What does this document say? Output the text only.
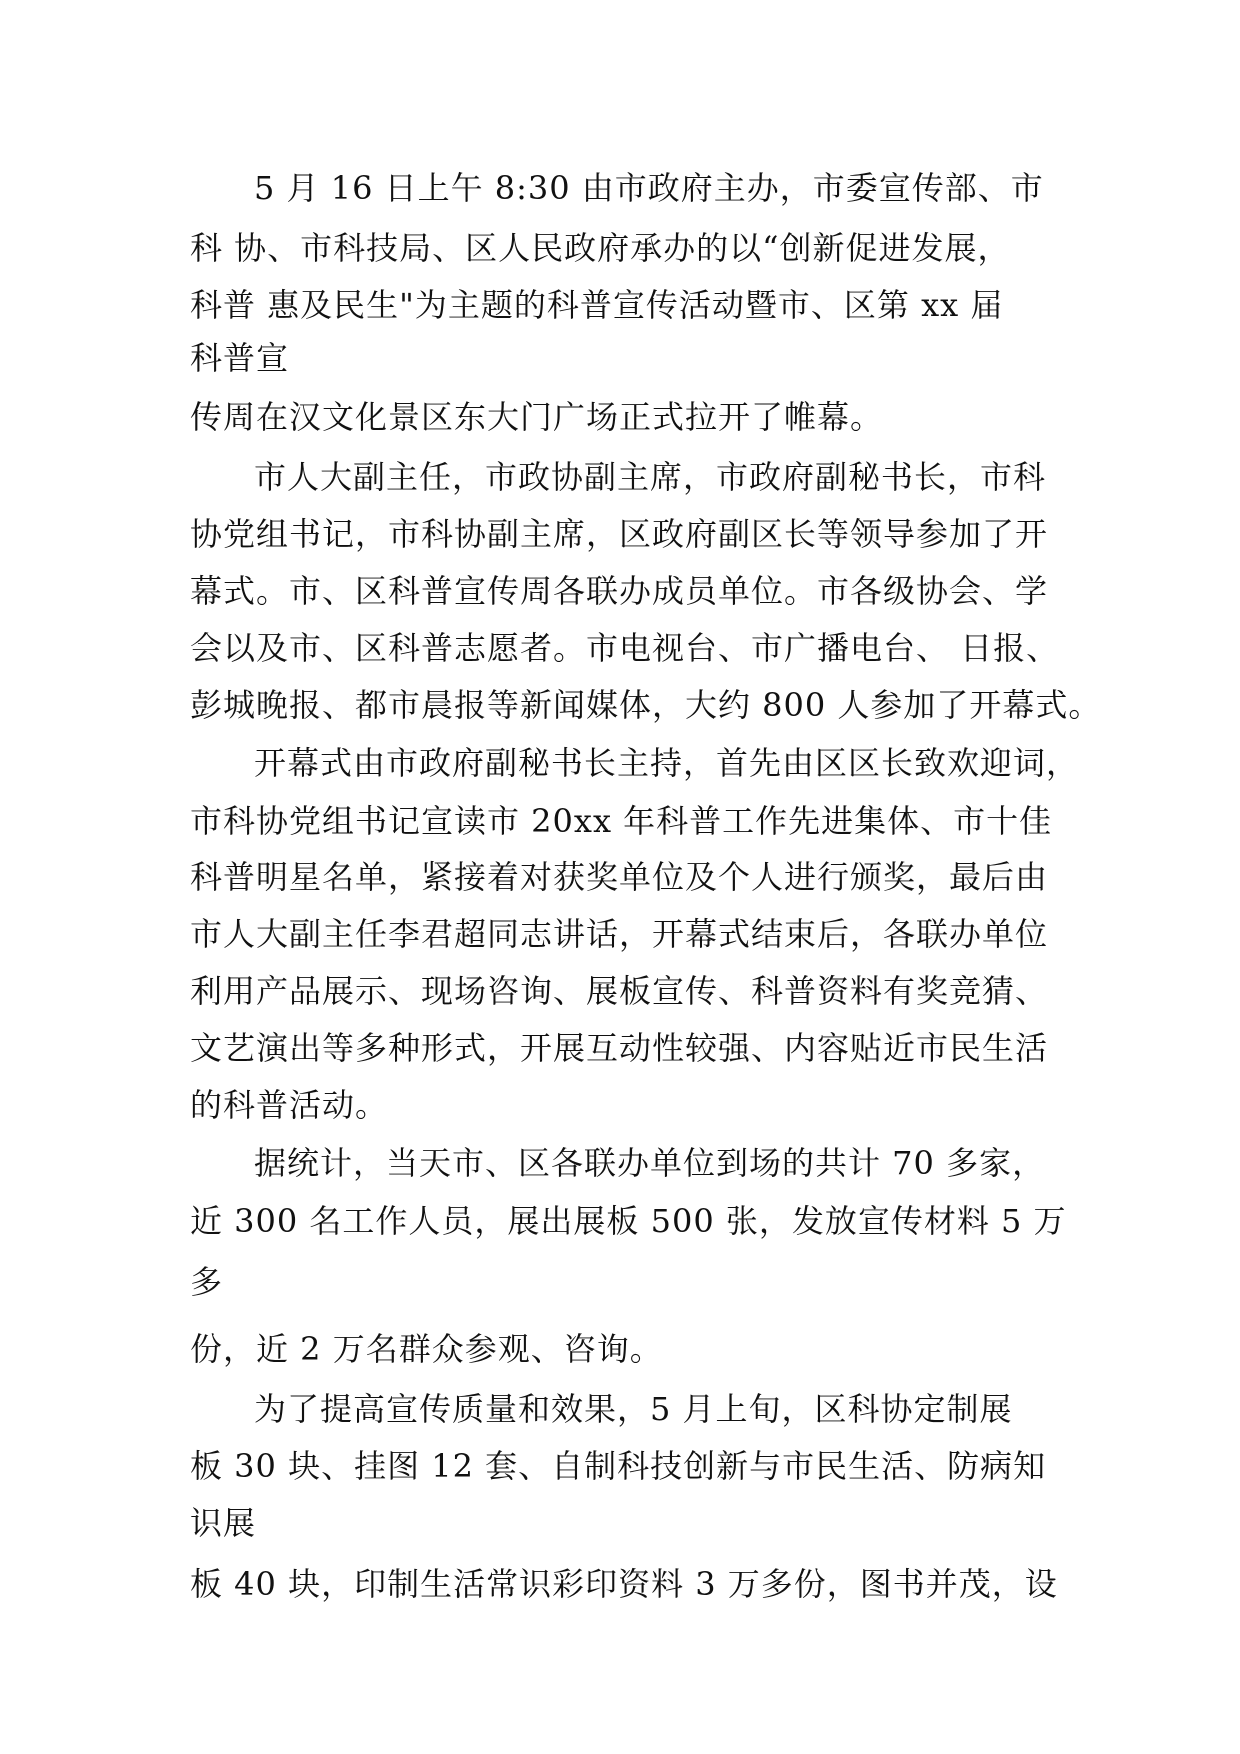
5 月 16 日上午 8:30 由市政府主办，市委宣传部、市
科 协、市科技局、区人民政府承办的以“创新促进发展，
科普 惠及民生"为主题的科普宣传活动暨市、区第 xx 届
科普宣
传周在汉文化景区东大门广场正式拉开了帷幕。
市人大副主任，市政协副主席，市政府副秘书长，市科
协党组书记，市科协副主席，区政府副区长等领导参加了开
幕式。市、区科普宣传周各联办成员单位。市各级协会、学
会以及市、区科普志愿者。市电视台、市广播电台、 日报、
彭城晚报、都市晨报等新闻媒体，大约 800 人参加了开幕式。
开幕式由市政府副秘书长主持，首先由区区长致欢迎词，
市科协党组书记宣读市 20xx 年科普工作先进集体、市十佳
科普明星名单，紧接着对获奖单位及个人进行颁奖，最后由
市人大副主任李君超同志讲话，开幕式结束后，各联办单位
利用产品展示、现场咨询、展板宣传、科普资料有奖竞猜、
文艺演出等多种形式，开展互动性较强、内容贴近市民生活
的科普活动。
据统计，当天市、区各联办单位到场的共计 70 多家，
近 300 名工作人员，展出展板 500 张，发放宣传材料 5 万
多
份，近 2 万名群众参观、咨询。
为了提高宣传质量和效果，5 月上旬，区科协定制展
板 30 块、挂图 12 套、自制科技创新与市民生活、防病知
识展
板 40 块，印制生活常识彩印资料 3 万多份，图书并茂，设
